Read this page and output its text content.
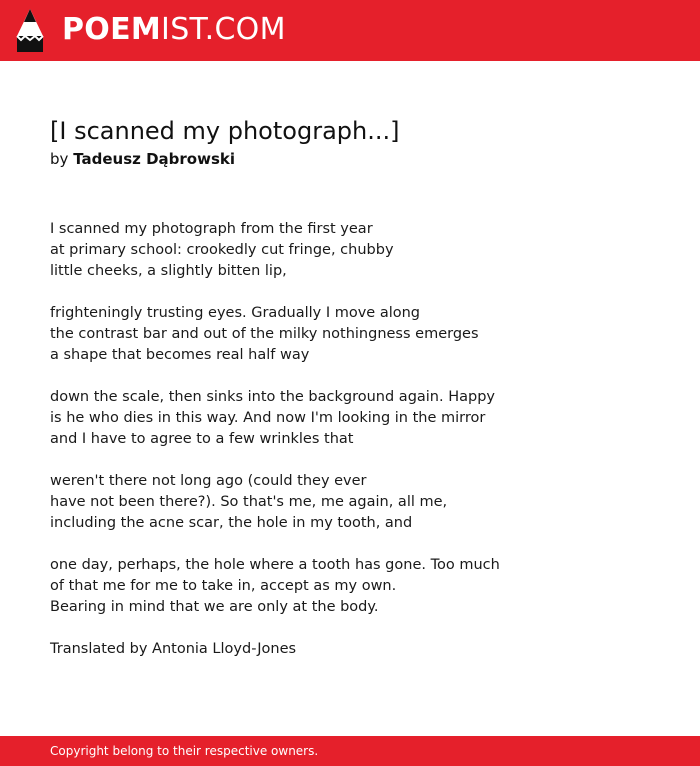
POEMIST.COM
[I scanned my photograph...]
by Tadeusz Dąbrowski

I scanned my photograph from the first year
at primary school: crookedly cut fringe, chubby
little cheeks, a slightly bitten lip,

frighteningly trusting eyes. Gradually I move along
the contrast bar and out of the milky nothingness emerges
a shape that becomes real half way

down the scale, then sinks into the background again. Happy
is he who dies in this way. And now I'm looking in the mirror
and I have to agree to a few wrinkles that

weren't there not long ago (could they ever
have not been there?). So that's me, me again, all me,
including the acne scar, the hole in my tooth, and

one day, perhaps, the hole where a tooth has gone. Too much
of that me for me to take in, accept as my own.
Bearing in mind that we are only at the body.

Translated by Antonia Lloyd-Jones

Copyright belong to their respective owners.
